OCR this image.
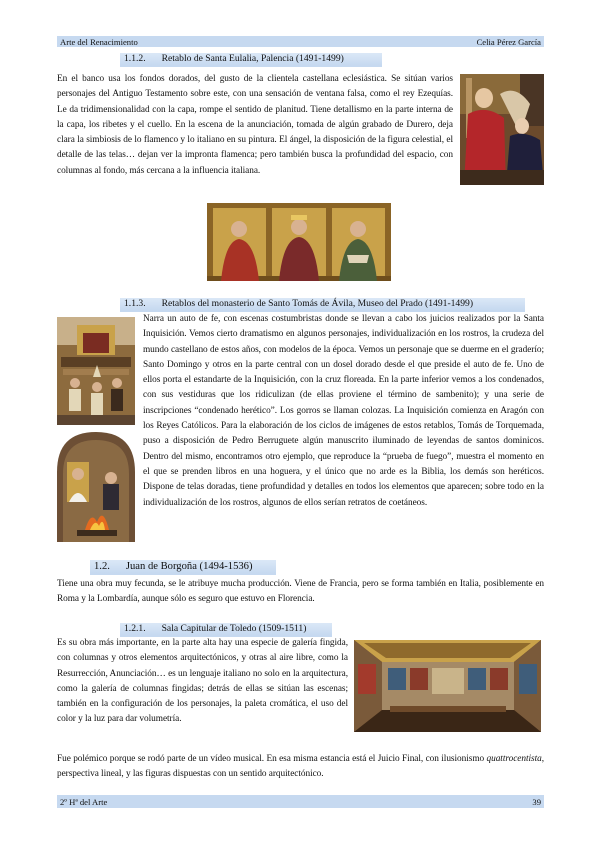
Arte del Renacimiento	Celia Pérez García
1.1.2. Retablo de Santa Eulalia, Palencia (1491-1499)

En el banco usa los fondos dorados, del gusto de la clientela castellana eclesiástica. Se sitúan varios personajes del Antiguo Testamento sobre este, con una sensación de ventana falsa, como el rey Ezequías. Le da tridimensionalidad con la capa, rompe el sentido de planitud. Tiene detallismo en la parte interna de la capa, los ribetes y el cuello. En la escena de la anunciación, tomada de algún grabado de Durero, deja clara la simbiosis de lo flamenco y lo italiano en su pintura. El ángel, la disposición de la figura celestial, el detalle de las telas… dejan ver la impronta flamenca; pero también busca la profundidad del espacio, con columnas al fondo, más cercana a la influencia italiana.

1.1.3. Retablos del monasterio de Santo Tomás de Ávila, Museo del Prado (1491-1499)

Narra un auto de fe, con escenas costumbristas donde se llevan a cabo los juicios realizados por la Santa Inquisición. Vemos cierto dramatismo en algunos personajes, individualización en los rostros, la crudeza del mundo castellano de estos años, con modelos de la época. Vemos un personaje que se duerme en el graderío; Santo Domingo y otros en la parte central con un dosel dorado desde el que preside el auto de fe. Uno de ellos porta el estandarte de la Inquisición, con la cruz floreada. En la parte inferior vemos a los condenados, con sus vestiduras que los ridiculizan (de ellas proviene el término de sambenito); y una serie de inscripciones “condenado herético”. Los gorros se llaman colozas. La Inquisición comienza en Aragón con los Reyes Católicos. Para la elaboración de los ciclos de imágenes de estos retablos, Tomás de Torquemada, puso a disposición de Pedro Berruguete algún manuscrito iluminado de leyendas de santos dominicos. Dentro del mismo, encontramos otro ejemplo, que reproduce la “prueba de fuego”, muestra el momento en el que se prenden libros en una hoguera, y el único que no arde es la Biblia, los demás son heréticos. Dispone de telas doradas, tiene profundidad y detalles en todos los elementos que aparecen; sobre todo en la individualización de los rostros, algunos de ellos serían retratos de coetáneos.

1.2. Juan de Borgoña (1494-1536)

Tiene una obra muy fecunda, se le atribuye mucha producción. Viene de Francia, pero se forma también en Italia, posiblemente en Roma y la Lombardía, aunque sólo es seguro que estuvo en Florencia.

1.2.1. Sala Capitular de Toledo (1509-1511)

Es su obra más importante, en la parte alta hay una especie de galería fingida, con columnas y otros elementos arquitectónicos, y otras al aire libre, como la Resurrección, Anunciación… es un lenguaje italiano no solo en la arquitectura, como la galería de columnas fingidas; detrás de ellas se sitúan las escenas; también en la configuración de los personajes, la paleta cromática, el uso del color y la luz para dar volumetría.

Fue polémico porque se rodó parte de un vídeo musical. En esa misma estancia está el Juicio Final, con ilusionismo quattrocentista, perspectiva lineal, y las figuras dispuestas con un sentido arquitectónico.

2º Hª del Arte	39
